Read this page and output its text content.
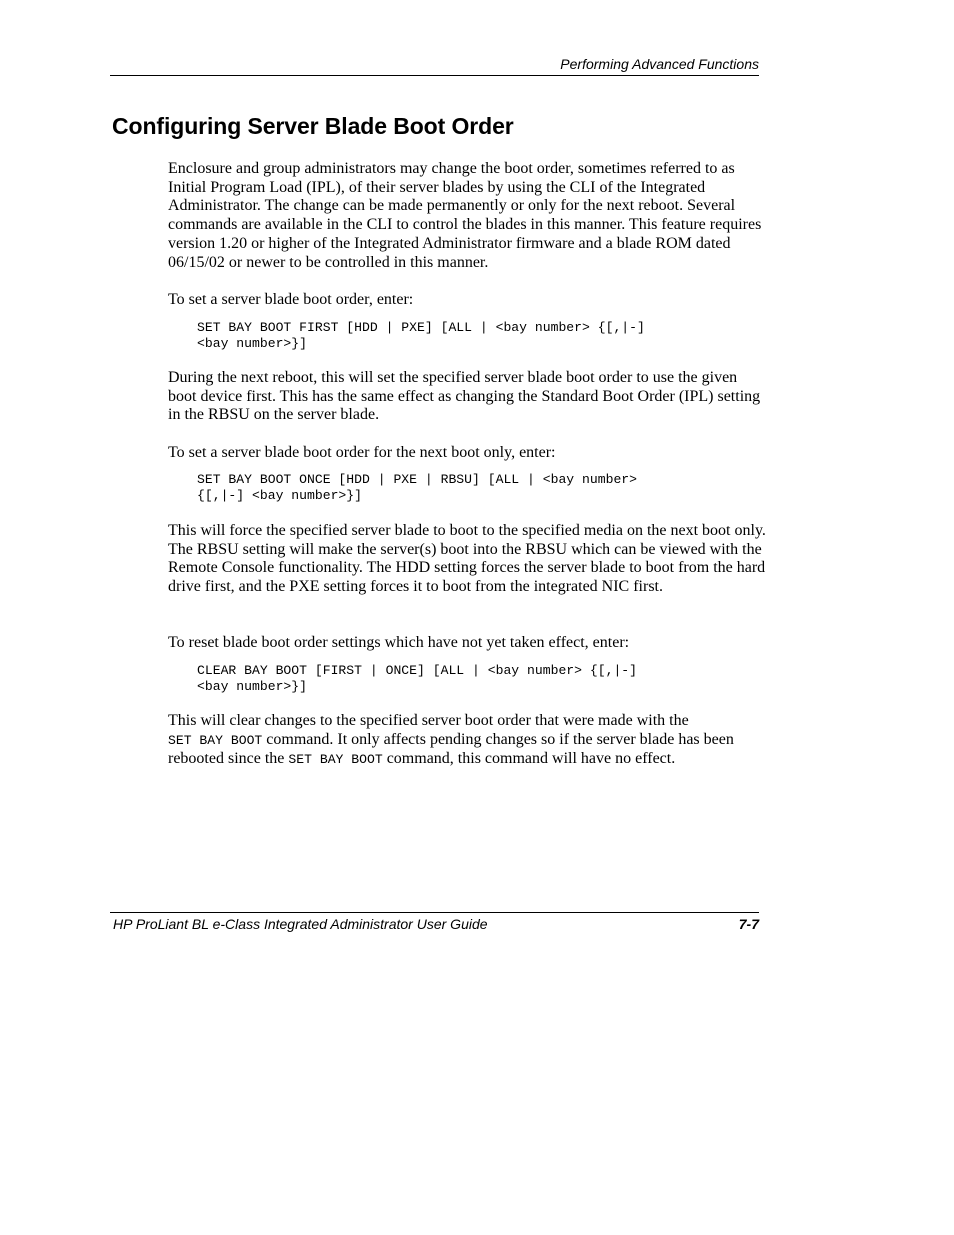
Performing Advanced Functions
Configuring Server Blade Boot Order

Enclosure and group administrators may change the boot order, sometimes referred to as Initial Program Load (IPL), of their server blades by using the CLI of the Integrated Administrator. The change can be made permanently or only for the next reboot. Several commands are available in the CLI to control the blades in this manner. This feature requires version 1.20 or higher of the Integrated Administrator firmware and a blade ROM dated 06/15/02 or newer to be controlled in this manner.

To set a server blade boot order, enter:

SET BAY BOOT FIRST [HDD | PXE] [ALL | <bay number> {[,|-]
<bay number>}]

During the next reboot, this will set the specified server blade boot order to use the given boot device first. This has the same effect as changing the Standard Boot Order (IPL) setting in the RBSU on the server blade.

To set a server blade boot order for the next boot only, enter:

SET BAY BOOT ONCE [HDD | PXE | RBSU] [ALL | <bay number>
{[,|-] <bay number>}]

This will force the specified server blade to boot to the specified media on the next boot only. The RBSU setting will make the server(s) boot into the RBSU which can be viewed with the Remote Console functionality. The HDD setting forces the server blade to boot from the hard drive first, and the PXE setting forces it to boot from the integrated NIC first.

To reset blade boot order settings which have not yet taken effect, enter:

CLEAR BAY BOOT [FIRST | ONCE] [ALL | <bay number> {[,|-]
<bay number>}]

This will clear changes to the specified server boot order that were made with the
SET BAY BOOT command. It only affects pending changes so if the server blade has been rebooted since the SET BAY BOOT command, this command will have no effect.

HP ProLiant BL e-Class Integrated Administrator User Guide	7-7
